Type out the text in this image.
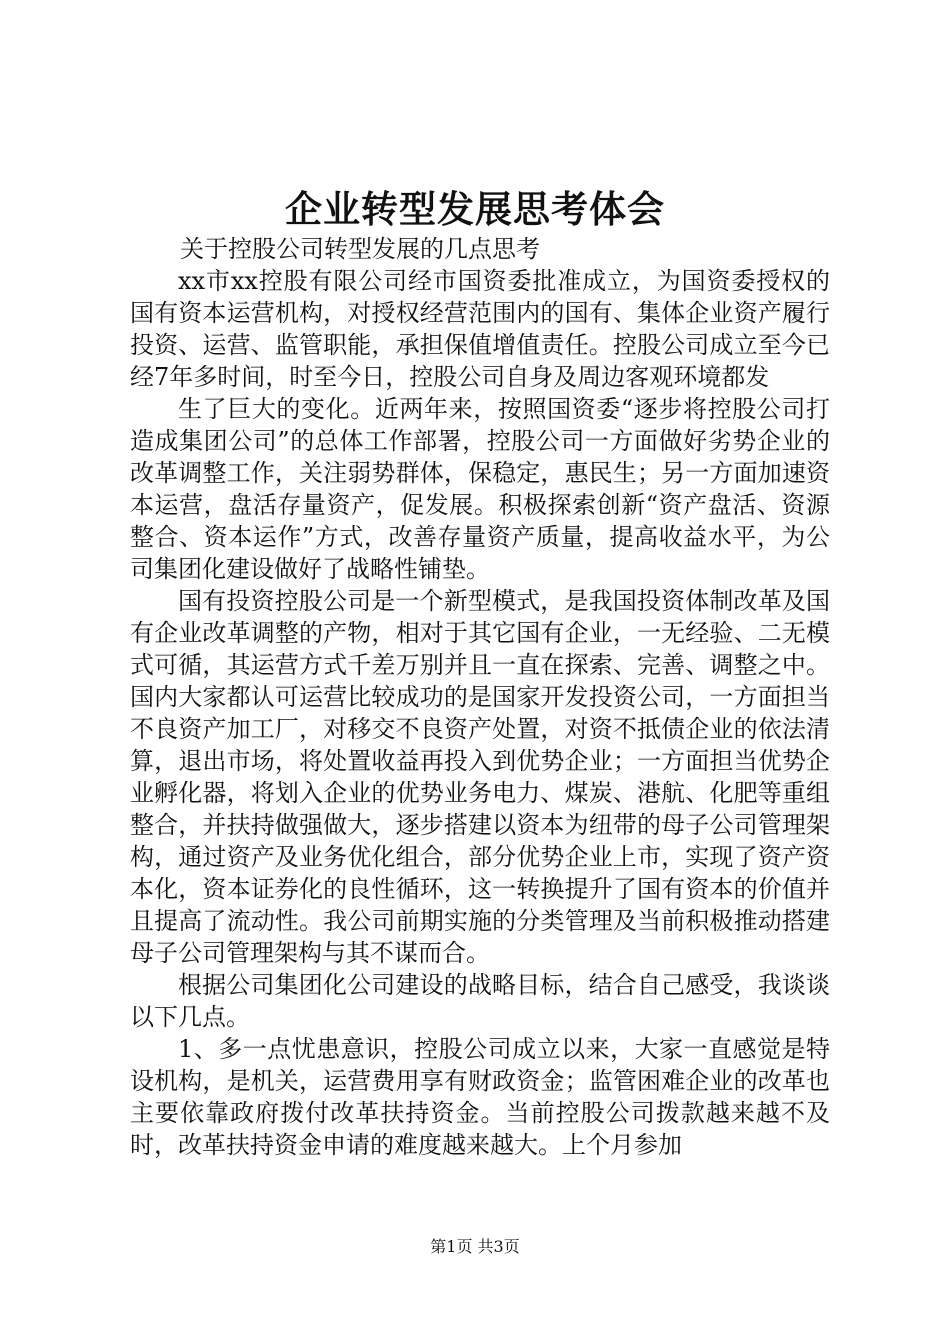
企业转型发展思考体会

关于控股公司转型发展的几点思考

xx市xx控股有限公司经市国资委批准成立，为国资委授权的国有资本运营机构，对授权经营范围内的国有、集体企业资产履行投资、运营、监管职能，承担保值增值责任。控股公司成立至今已经7年多时间，时至今日，控股公司自身及周边客观环境都发

生了巨大的变化。近两年来，按照国资委“逐步将控股公司打造成集团公司”的总体工作部署，控股公司一方面做好劣势企业的改革调整工作，关注弱势群体，保稳定，惠民生；另一方面加速资本运营，盘活存量资产，促发展。积极探索创新“资产盘活、资源整合、资本运作”方式，改善存量资产质量，提高收益水平，为公司集团化建设做好了战略性铺垫。

国有投资控股公司是一个新型模式，是我国投资体制改革及国有企业改革调整的产物，相对于其它国有企业，一无经验、二无模式可循，其运营方式千差万别并且一直在探索、完善、调整之中。国内大家都认可运营比较成功的是国家开发投资公司，一方面担当不良资产加工厂，对移交不良资产处置，对资不抵债企业的依法清算，退出市场，将处置收益再投入到优势企业；一方面担当优势企业孵化器，将划入企业的优势业务电力、煤炭、港航、化肥等重组整合，并扶持做强做大，逐步搭建以资本为纽带的母子公司管理架构，通过资产及业务优化组合，部分优势企业上市，实现了资产资本化，资本证券化的良性循环，这一转换提升了国有资本的价值并且提高了流动性。我公司前期实施的分类管理及当前积极推动搭建母子公司管理架构与其不谋而合。

根据公司集团化公司建设的战略目标，结合自己感受，我谈谈以下几点。

1、多一点忧患意识，控股公司成立以来，大家一直感觉是特设机构，是机关，运营费用享有财政资金；监管困难企业的改革也主要依靠政府拨付改革扶持资金。当前控股公司拨款越来越不及时，改革扶持资金申请的难度越来越大。上个月参加

第1页 共3页
